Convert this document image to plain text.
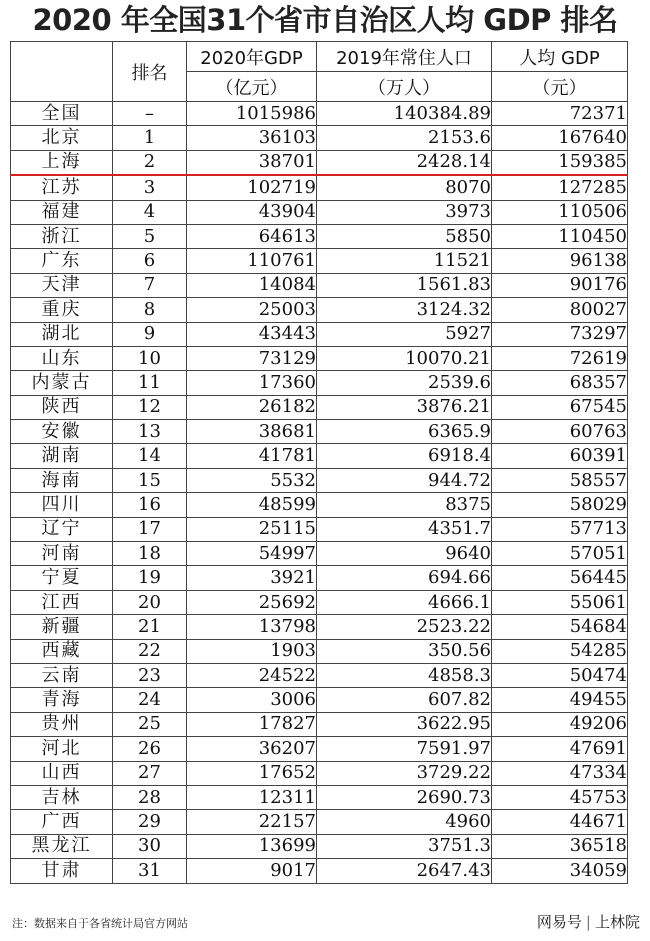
2020 年全国31个省市自治区人均 GDP 排名
	排名	2020年GDP	2019年常住人口	人均 GDP
		（亿元）	（万人）	（元）
全国	–	1015986	140384.89	72371
北京	1	36103	2153.6	167640
上海	2	38701	2428.14	159385
江苏	3	102719	8070	127285
福建	4	43904	3973	110506
浙江	5	64613	5850	110450
广东	6	110761	11521	96138
天津	7	14084	1561.83	90176
重庆	8	25003	3124.32	80027
湖北	9	43443	5927	73297
山东	10	73129	10070.21	72619
内蒙古	11	17360	2539.6	68357
陕西	12	26182	3876.21	67545
安徽	13	38681	6365.9	60763
湖南	14	41781	6918.4	60391
海南	15	5532	944.72	58557
四川	16	48599	8375	58029
辽宁	17	25115	4351.7	57713
河南	18	54997	9640	57051
宁夏	19	3921	694.66	56445
江西	20	25692	4666.1	55061
新疆	21	13798	2523.22	54684
西藏	22	1903	350.56	54285
云南	23	24522	4858.3	50474
青海	24	3006	607.82	49455
贵州	25	17827	3622.95	49206
河北	26	36207	7591.97	47691
山西	27	17652	3729.22	47334
吉林	28	12311	2690.73	45753
广西	29	22157	4960	44671
黑龙江	30	13699	3751.3	36518
甘肃	31	9017	2647.43	34059
注：数据来自于各省统计局官方网站	网易号 | 上林院
